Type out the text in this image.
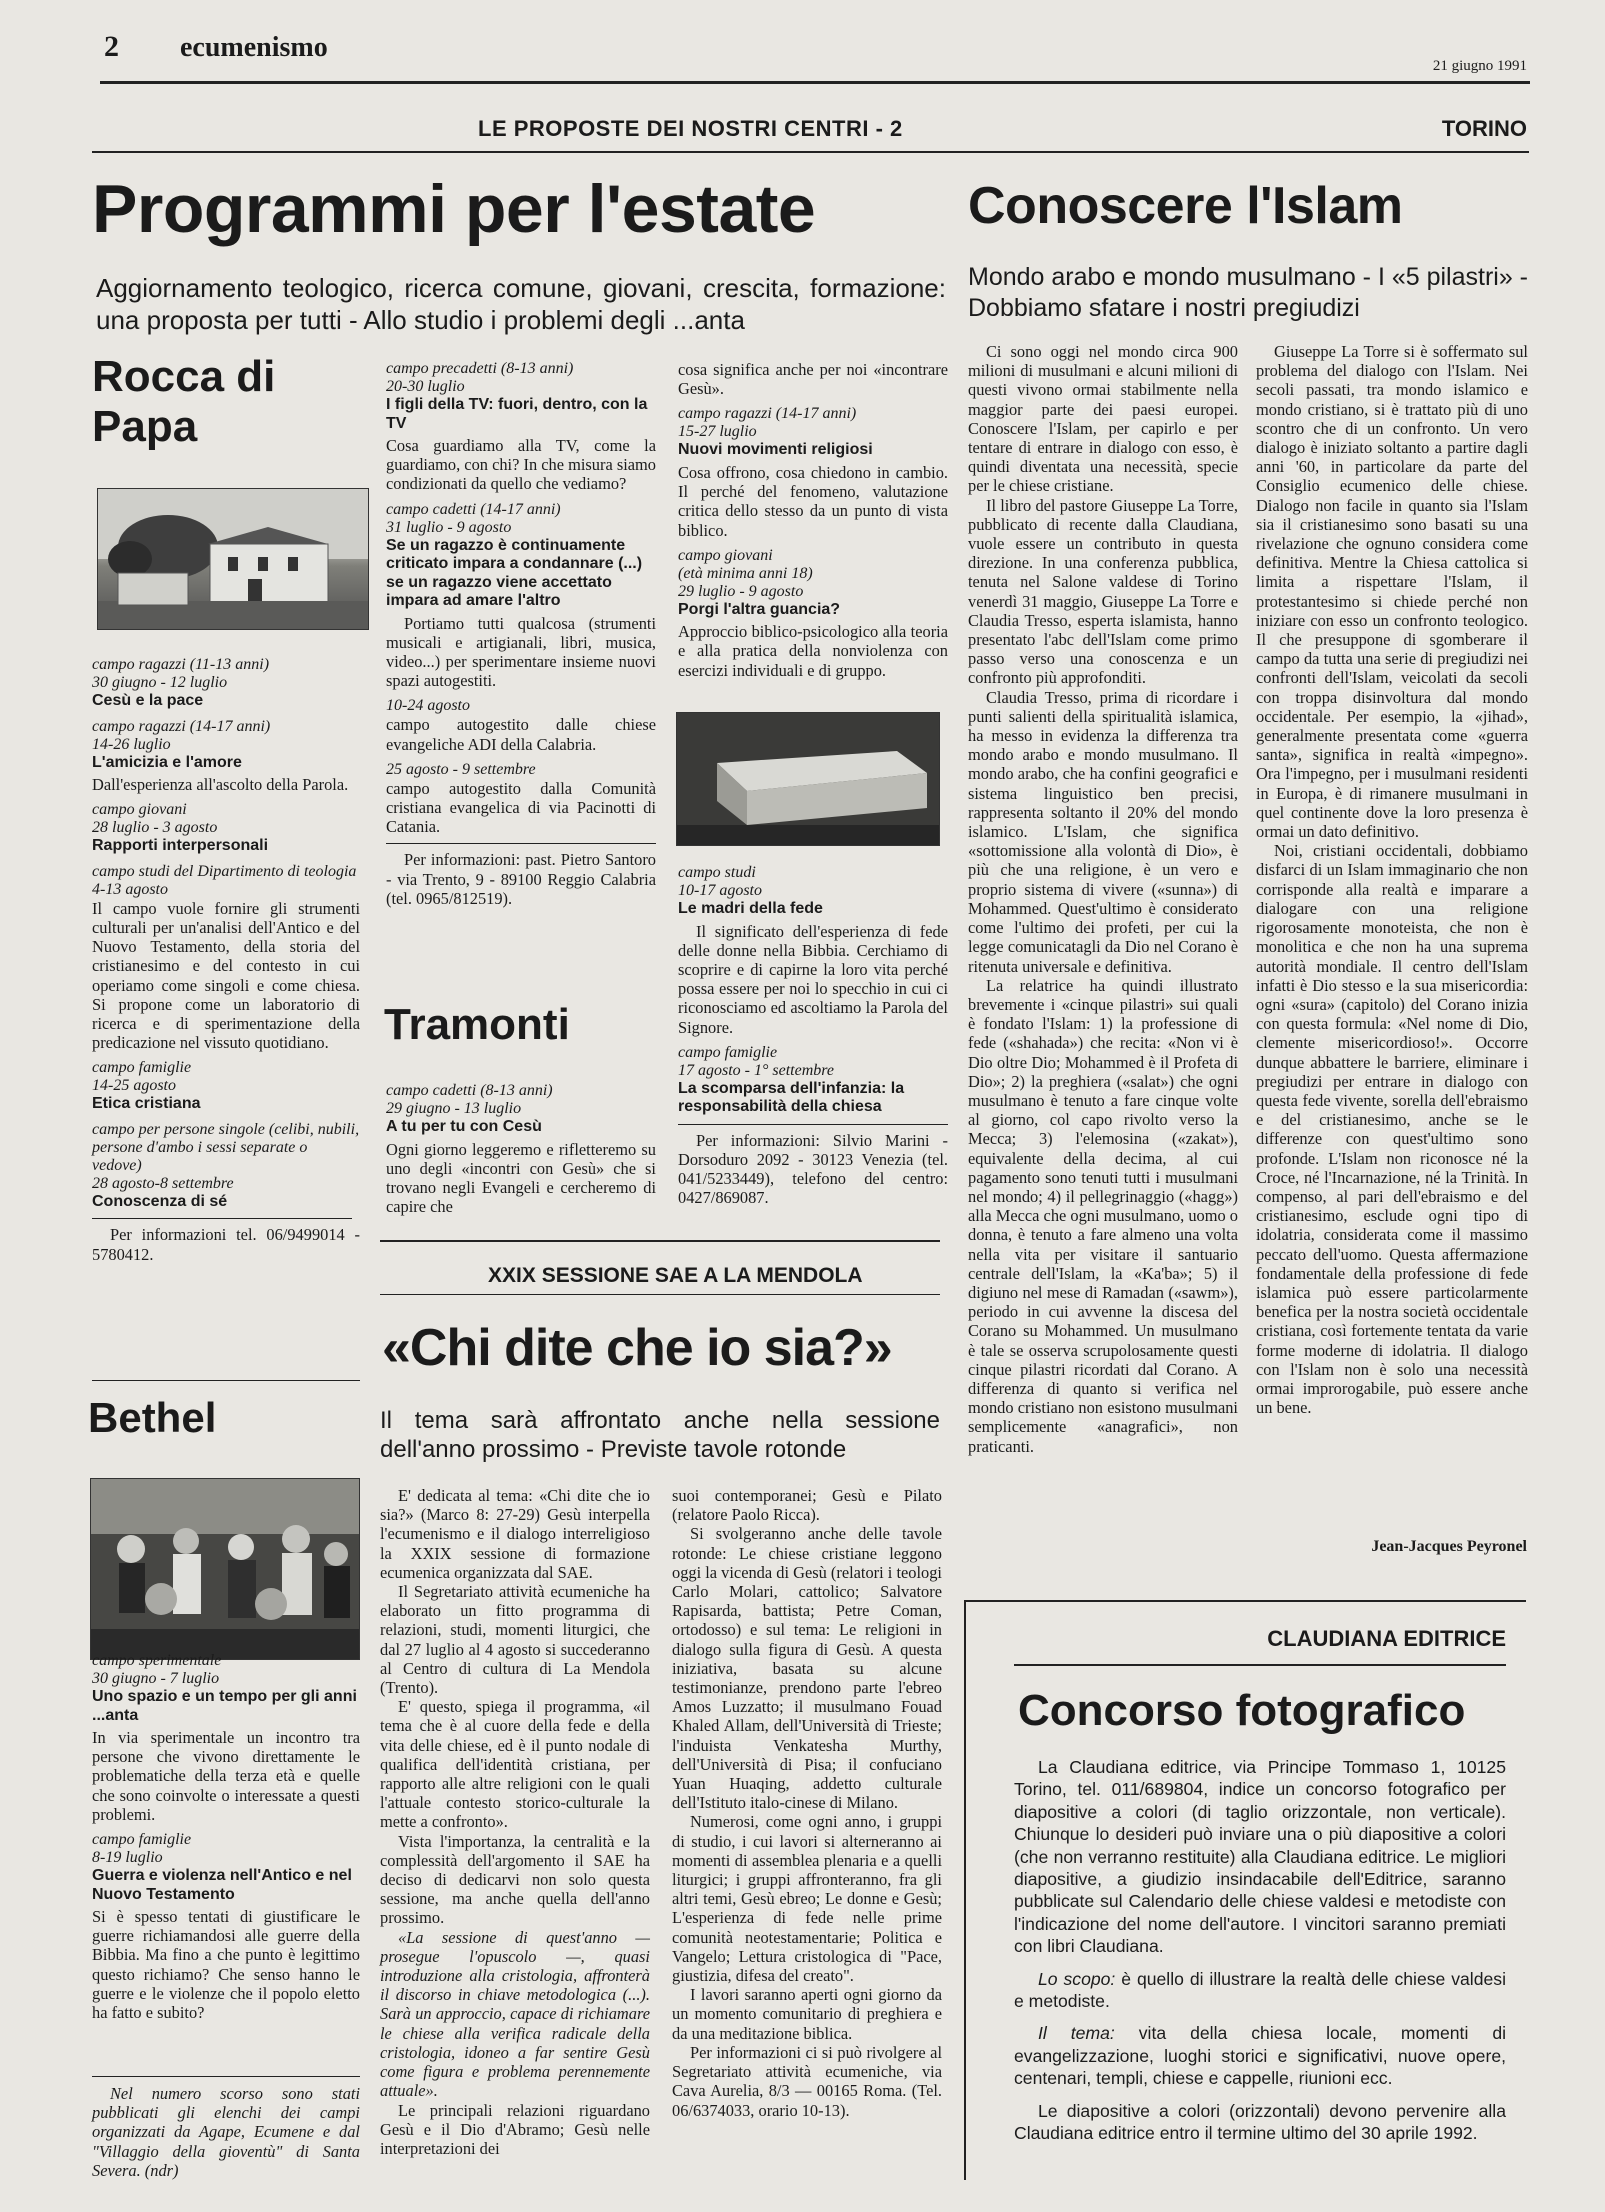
2 ecumenismo
21 giugno 1991
LE PROPOSTE DEI NOSTRI CENTRI - 2	TORINO
Programmi per l'estate
Aggiornamento teologico, ricerca comune, giovani, crescita, formazione: una proposta per tutti - Allo studio i problemi degli ...anta
Rocca di Papa

campo ragazzi (11-13 anni)
30 giugno - 12 luglio

Cesù e la pace

campo ragazzi (14-17 anni)
14-26 luglio

L'amicizia e l'amore

Dall'esperienza all'ascolto della Parola.

campo giovani
28 luglio - 3 agosto

Rapporti interpersonali

campo studi del Dipartimento di teologia
4-13 agosto

Il campo vuole fornire gli strumenti culturali per un'analisi dell'Antico e del Nuovo Testamento, della storia del cristianesimo e del contesto in cui operiamo come singoli e come chiesa. Si propone come un laboratorio di ricerca e di sperimentazione della predicazione nel vissuto quotidiano.

campo famiglie
14-25 agosto

Etica cristiana

campo per persone singole (celibi, nubili, persone d'ambo i sessi separate o vedove)
28 agosto-8 settembre

Conoscenza di sé

Per informazioni tel. 06/9499014 - 5780412.

Bethel

campo sperimentale
30 giugno - 7 luglio

Uno spazio e un tempo per gli anni ...anta

In via sperimentale un incontro tra persone che vivono direttamente le problematiche della terza età e quelle che sono coinvolte o interessate a questi problemi.

campo famiglie
8-19 luglio

Guerra e violenza nell'Antico e nel Nuovo Testamento

Si è spesso tentati di giustificare le guerre richiamandosi alle guerre della Bibbia. Ma fino a che punto è legittimo questo richiamo? Che senso hanno le guerre e le violenze che il popolo eletto ha fatto e subito?

Nel numero scorso sono stati pubblicati gli elenchi dei campi organizzati da Agape, Ecumene e dal "Villaggio della gioventù" di Santa Severa. (ndr)

campo precadetti (8-13 anni)
20-30 luglio

I figli della TV: fuori, dentro, con la TV

Cosa guardiamo alla TV, come la guardiamo, con chi? In che misura siamo condizionati da quello che vediamo?

campo cadetti (14-17 anni)
31 luglio - 9 agosto

Se un ragazzo è continuamente criticato impara a condannare (...) se un ragazzo viene accettato impara ad amare l'altro

Portiamo tutti qualcosa (strumenti musicali e artigianali, libri, musica, video...) per sperimentare insieme nuovi spazi autogestiti.

10-24 agosto

campo autogestito dalle chiese evangeliche ADI della Calabria.

25 agosto - 9 settembre

campo autogestito dalla Comunità cristiana evangelica di via Pacinotti di Catania.

Per informazioni: past. Pietro Santoro - via Trento, 9 - 89100 Reggio Calabria (tel. 0965/812519).

Tramonti

campo cadetti (8-13 anni)
29 giugno - 13 luglio

A tu per tu con Cesù

Ogni giorno leggeremo e rifletteremo su uno degli «incontri con Gesù» che si trovano negli Evangeli e cercheremo di capire che

cosa significa anche per noi «incontrare Gesù».

campo ragazzi (14-17 anni)
15-27 luglio

Nuovi movimenti religiosi

Cosa offrono, cosa chiedono in cambio. Il perché del fenomeno, valutazione critica dello stesso da un punto di vista biblico.

campo giovani
(età minima anni 18)
29 luglio - 9 agosto

Porgi l'altra guancia?

Approccio biblico-psicologico alla teoria e alla pratica della nonviolenza con esercizi individuali e di gruppo.

campo studi
10-17 agosto

Le madri della fede

Il significato dell'esperienza di fede delle donne nella Bibbia. Cerchiamo di scoprire e di capirne la loro vita perché possa essere per noi lo specchio in cui ci riconosciamo ed ascoltiamo la Parola del Signore.

campo famiglie
17 agosto - 1° settembre

La scomparsa dell'infanzia: la responsabilità della chiesa

Per informazioni: Silvio Marini - Dorsoduro 2092 - 30123 Venezia (tel. 041/5233449), telefono del centro: 0427/869087.

XXIX SESSIONE SAE A LA MENDOLA
«Chi dite che io sia?»
Il tema sarà affrontato anche nella sessione dell'anno prossimo - Previste tavole rotonde

E' dedicata al tema: «Chi dite che io sia?» (Marco 8: 27-29) Gesù interpella l'ecumenismo e il dialogo interreligioso la XXIX sessione di formazione ecumenica organizzata dal SAE.

Il Segretariato attività ecumeniche ha elaborato un fitto programma di relazioni, studi, momenti liturgici, che dal 27 luglio al 4 agosto si succederanno al Centro di cultura di La Mendola (Trento).

E' questo, spiega il programma, «il tema che è al cuore della fede e della vita delle chiese, ed è il punto nodale di qualifica dell'identità cristiana, per rapporto alle altre religioni con le quali l'attuale contesto storico-culturale la mette a confronto».

Vista l'importanza, la centralità e la complessità dell'argomento il SAE ha deciso di dedicarvi non solo questa sessione, ma anche quella dell'anno prossimo.

«La sessione di quest'anno — prosegue l'opuscolo —, quasi introduzione alla cristologia, affronterà il discorso in chiave metodologica (...). Sarà un approccio, capace di richiamare le chiese alla verifica radicale della cristologia, idoneo a far sentire Gesù come figura e problema perennemente attuale».

Le principali relazioni riguardano Gesù e il Dio d'Abramo; Gesù nelle interpretazioni dei

suoi contemporanei; Gesù e Pilato (relatore Paolo Ricca).

Si svolgeranno anche delle tavole rotonde: Le chiese cristiane leggono oggi la vicenda di Gesù (relatori i teologi Carlo Molari, cattolico; Salvatore Rapisarda, battista; Petre Coman, ortodosso) e sul tema: Le religioni in dialogo sulla figura di Gesù. A questa iniziativa, basata su alcune testimonianze, prendono parte l'ebreo Amos Luzzatto; il musulmano Fouad Khaled Allam, dell'Università di Trieste; l'induista Venkatesha Murthy, dell'Università di Pisa; il confuciano Yuan Huaqing, addetto culturale dell'Istituto italo-cinese di Milano.

Numerosi, come ogni anno, i gruppi di studio, i cui lavori si alterneranno ai momenti di assemblea plenaria e a quelli liturgici; i gruppi affronteranno, fra gli altri temi, Gesù ebreo; Le donne e Gesù; L'esperienza di fede nelle prime comunità neotestamentarie; Politica e Vangelo; Lettura cristologica di "Pace, giustizia, difesa del creato".

I lavori saranno aperti ogni giorno da un momento comunitario di preghiera e da una meditazione biblica.

Per informazioni ci si può rivolgere al Segretariato attività ecumeniche, via Cava Aurelia, 8/3 — 00165 Roma. (Tel. 06/6374033, orario 10-13).

Conoscere l'Islam
Mondo arabo e mondo musulmano - I «5 pilastri» - Dobbiamo sfatare i nostri pregiudizi

Ci sono oggi nel mondo circa 900 milioni di musulmani e alcuni milioni di questi vivono ormai stabilmente nella maggior parte dei paesi europei. Conoscere l'Islam, per capirlo e per tentare di entrare in dialogo con esso, è quindi diventata una necessità, specie per le chiese cristiane.

Il libro del pastore Giuseppe La Torre, pubblicato di recente dalla Claudiana, vuole essere un contributo in questa direzione. In una conferenza pubblica, tenuta nel Salone valdese di Torino venerdì 31 maggio, Giuseppe La Torre e Claudia Tresso, esperta islamista, hanno presentato l'abc dell'Islam come primo passo verso una conoscenza e un confronto più approfonditi.

Claudia Tresso, prima di ricordare i punti salienti della spiritualità islamica, ha messo in evidenza la differenza tra mondo arabo e mondo musulmano. Il mondo arabo, che ha confini geografici e sistema linguistico ben precisi, rappresenta soltanto il 20% del mondo islamico. L'Islam, che significa «sottomissione alla volontà di Dio», è più che una religione, è un vero e proprio sistema di vivere («sunna») di Mohammed. Quest'ultimo è considerato come l'ultimo dei profeti, per cui la legge comunicatagli da Dio nel Corano è ritenuta universale e definitiva.

La relatrice ha quindi illustrato brevemente i «cinque pilastri» sui quali è fondato l'Islam: 1) la professione di fede («shahada») che recita: «Non vi è Dio oltre Dio; Mohammed è il Profeta di Dio»; 2) la preghiera («salat») che ogni musulmano è tenuto a fare cinque volte al giorno, col capo rivolto verso la Mecca; 3) l'elemosina («zakat»), equivalente della decima, al cui pagamento sono tenuti tutti i musulmani nel mondo; 4) il pellegrinaggio («hagg») alla Mecca che ogni musulmano, uomo o donna, è tenuto a fare almeno una volta nella vita per visitare il santuario centrale dell'Islam, la «Ka'ba»; 5) il digiuno nel mese di Ramadan («sawm»), periodo in cui avvenne la discesa del Corano su Mohammed. Un musulmano è tale se osserva scrupolosamente questi cinque pilastri ricordati dal Corano. A differenza di quanto si verifica nel mondo cristiano non esistono musulmani semplicemente «anagrafici», non praticanti.

Giuseppe La Torre si è soffermato sul problema del dialogo con l'Islam. Nei secoli passati, tra mondo islamico e mondo cristiano, si è trattato più di uno scontro che di un confronto. Un vero dialogo è iniziato soltanto a partire dagli anni '60, in particolare da parte del Consiglio ecumenico delle chiese. Dialogo non facile in quanto sia l'Islam sia il cristianesimo sono basati su una rivelazione che ognuno considera come definitiva. Mentre la Chiesa cattolica si limita a rispettare l'Islam, il protestantesimo si chiede perché non iniziare con esso un confronto teologico. Il che presuppone di sgomberare il campo da tutta una serie di pregiudizi nei confronti dell'Islam, veicolati da secoli con troppa disinvoltura dal mondo occidentale. Per esempio, la «jihad», generalmente presentata come «guerra santa», significa in realtà «impegno». Ora l'impegno, per i musulmani residenti in Europa, è di rimanere musulmani in quel continente dove la loro presenza è ormai un dato definitivo.

Noi, cristiani occidentali, dobbiamo disfarci di un Islam immaginario che non corrisponde alla realtà e imparare a dialogare con una religione rigorosamente monoteista, che non è monolitica e che non ha una suprema autorità mondiale. Il centro dell'Islam infatti è Dio stesso e la sua misericordia: ogni «sura» (capitolo) del Corano inizia con questa formula: «Nel nome di Dio, clemente misericordioso!». Occorre dunque abbattere le barriere, eliminare i pregiudizi per entrare in dialogo con questa fede vivente, sorella dell'ebraismo e del cristianesimo, anche se le differenze con quest'ultimo sono profonde. L'Islam non riconosce né la Croce, né l'Incarnazione, né la Trinità. In compenso, al pari dell'ebraismo e del cristianesimo, esclude ogni tipo di idolatria, considerata come il massimo peccato dell'uomo. Questa affermazione fondamentale della professione di fede islamica può essere particolarmente benefica per la nostra società occidentale cristiana, così fortemente tentata da varie forme moderne di idolatria. Il dialogo con l'Islam non è solo una necessità ormai improrogabile, può essere anche un bene.

Jean-Jacques Peyronel
CLAUDIANA EDITRICE
Concorso fotografico

La Claudiana editrice, via Principe Tommaso 1, 10125 Torino, tel. 011/689804, indice un concorso fotografico per diapositive a colori (di taglio orizzontale, non verticale). Chiunque lo desideri può inviare una o più diapositive a colori (che non verranno restituite) alla Claudiana editrice. Le migliori diapositive, a giudizio insindacabile dell'Editrice, saranno pubblicate sul Calendario delle chiese valdesi e metodiste con l'indicazione del nome dell'autore. I vincitori saranno premiati con libri Claudiana.

Lo scopo: è quello di illustrare la realtà delle chiese valdesi e metodiste.

Il tema: vita della chiesa locale, momenti di evangelizzazione, luoghi storici e significativi, nuove opere, centenari, templi, chiese e cappelle, riunioni ecc.

Le diapositive a colori (orizzontali) devono pervenire alla Claudiana editrice entro il termine ultimo del 30 aprile 1992.
